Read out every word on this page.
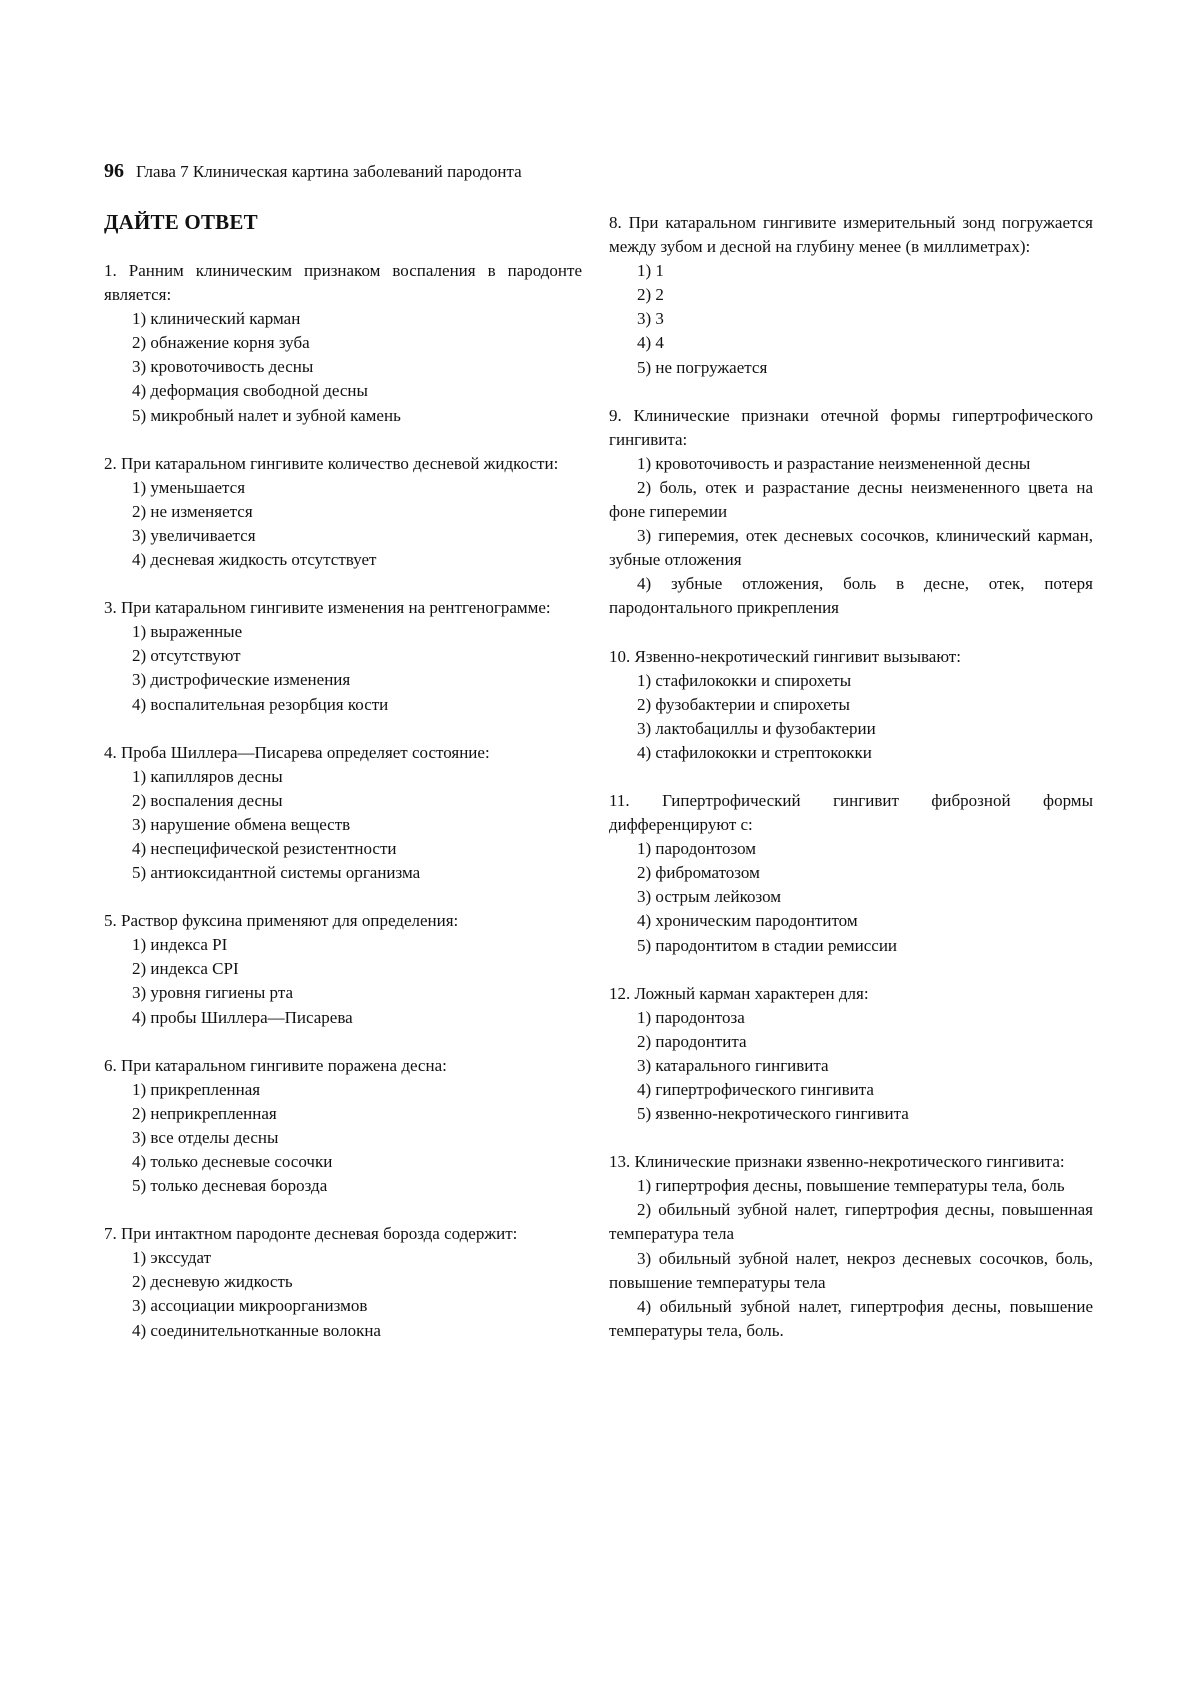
96 Глава 7 Клиническая картина заболеваний пародонта
ДАЙТЕ ОТВЕТ
1. Ранним клиническим признаком воспаления в пародонте является:
1) клинический карман
2) обнажение корня зуба
3) кровоточивость десны
4) деформация свободной десны
5) микробный налет и зубной камень
2. При катаральном гингивите количество десневой жидкости:
1) уменьшается
2) не изменяется
3) увеличивается
4) десневая жидкость отсутствует
3. При катаральном гингивите изменения на рентгенограмме:
1) выраженные
2) отсутствуют
3) дистрофические изменения
4) воспалительная резорбция кости
4. Проба Шиллера—Писарева определяет состояние:
1) капилляров десны
2) воспаления десны
3) нарушение обмена веществ
4) неспецифической резистентности
5) антиоксидантной системы организма
5. Раствор фуксина применяют для определения:
1) индекса PI
2) индекса CPI
3) уровня гигиены рта
4) пробы Шиллера—Писарева
6. При катаральном гингивите поражена десна:
1) прикрепленная
2) неприкрепленная
3) все отделы десны
4) только десневые сосочки
5) только десневая борозда
7. При интактном пародонте десневая борозда содержит:
1) экссудат
2) десневую жидкость
3) ассоциации микроорганизмов
4) соединительнотканные волокна
8. При катаральном гингивите измерительный зонд погружается между зубом и десной на глубину менее (в миллиметрах):
1) 1
2) 2
3) 3
4) 4
5) не погружается
9. Клинические признаки отечной формы гипертрофического гингивита:
1) кровоточивость и разрастание неизмененной десны
2) боль, отек и разрастание десны неизмененного цвета на фоне гиперемии
3) гиперемия, отек десневых сосочков, клинический карман, зубные отложения
4) зубные отложения, боль в десне, отек, потеря пародонтального прикрепления
10. Язвенно-некротический гингивит вызывают:
1) стафилококки и спирохеты
2) фузобактерии и спирохеты
3) лактобациллы и фузобактерии
4) стафилококки и стрептококки
11. Гипертрофический гингивит фиброзной формы дифференцируют с:
1) пародонтозом
2) фиброматозом
3) острым лейкозом
4) хроническим пародонтитом
5) пародонтитом в стадии ремиссии
12. Ложный карман характерен для:
1) пародонтоза
2) пародонтита
3) катарального гингивита
4) гипертрофического гингивита
5) язвенно-некротического гингивита
13. Клинические признаки язвенно-некротического гингивита:
1) гипертрофия десны, повышение температуры тела, боль
2) обильный зубной налет, гипертрофия десны, повышенная температура тела
3) обильный зубной налет, некроз десневых сосочков, боль, повышение температуры тела
4) обильный зубной налет, гипертрофия десны, повышение температуры тела, боль.
